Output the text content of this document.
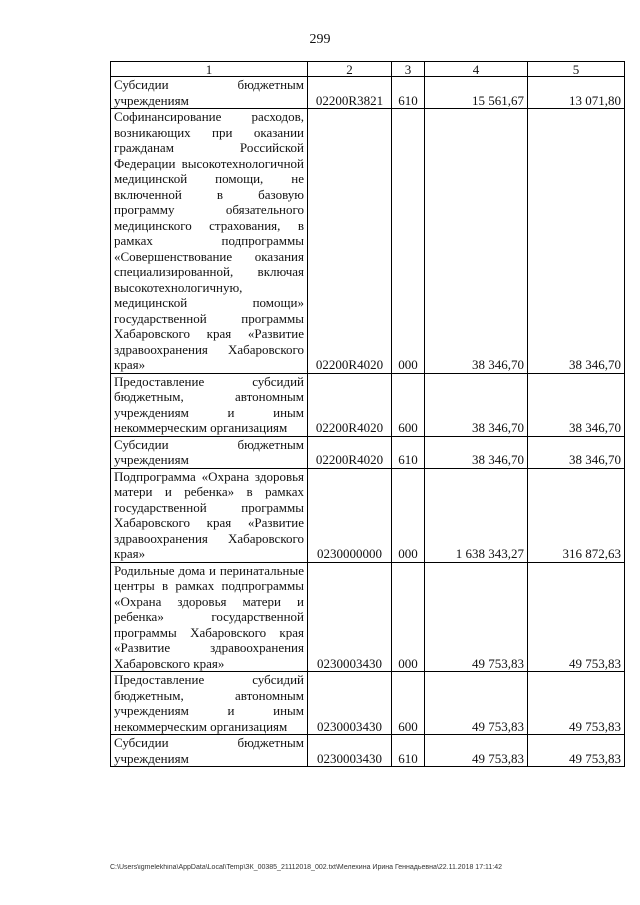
299
1	2	3	4	5
Субсидии бюджетным учреждениям	02200R3821	610	15 561,67	13 071,80
Софинансирование расходов, возникающих при оказании гражданам Российской Федерации высокотехнологичной медицинской помощи, не включенной в базовую программу обязательного медицинского страхования, в рамках подпрограммы «Совершенствование оказания специализированной, включая высокотехнологичную, медицинской помощи» государственной программы Хабаровского края «Развитие здравоохранения Хабаровского края»	02200R4020	000	38 346,70	38 346,70
Предоставление субсидий бюджетным, автономным учреждениям и иным некоммерческим организациям	02200R4020	600	38 346,70	38 346,70
Субсидии бюджетным учреждениям	02200R4020	610	38 346,70	38 346,70
Подпрограмма «Охрана здоровья матери и ребенка» в рамках государственной программы Хабаровского края «Развитие здравоохранения Хабаровского края»	0230000000	000	1 638 343,27	316 872,63
Родильные дома и перинатальные центры в рамках подпрограммы «Охрана здоровья матери и ребенка» государственной программы Хабаровского края «Развитие здравоохранения Хабаровского края»	0230003430	000	49 753,83	49 753,83
Предоставление субсидий бюджетным, автономным учреждениям и иным некоммерческим организациям	0230003430	600	49 753,83	49 753,83
Субсидии бюджетным учреждениям	0230003430	610	49 753,83	49 753,83
C:\Users\igmelekhina\AppData\Local\Temp\ЗК_00385_21112018_002.txt\Мелехина Ирина Геннадьевна\22.11.2018 17:11:42
